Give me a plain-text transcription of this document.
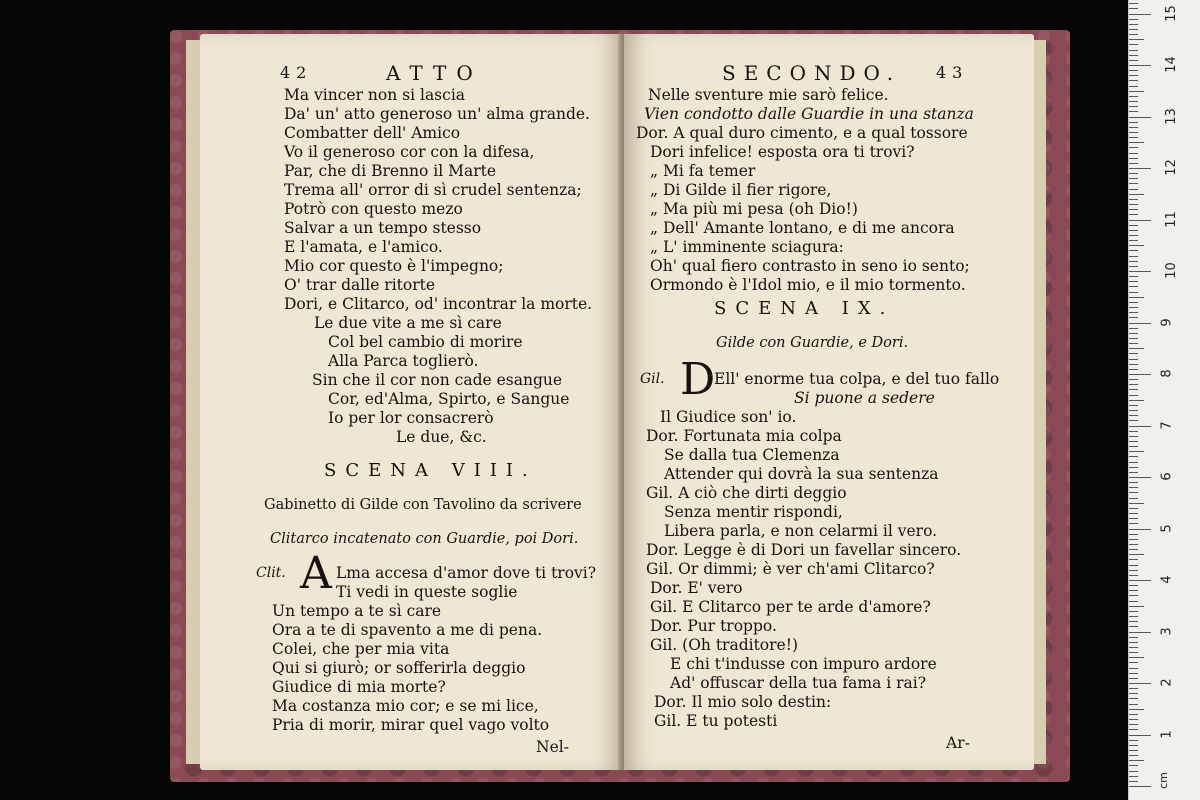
42	ATTO
Ma vincer non si lascia
Da' un' atto generoso un' alma grande.
Combatter dell' Amico
Vo il generoso cor con la difesa,
Par, che di Brenno il Marte
Trema all' orror di sì crudel sentenza;
Potrò con questo mezo
Salvar a un tempo stesso
E l'amata, e l'amico.
Mio cor questo è l'impegno;
O' trar dalle ritorte
Dori, e Clitarco, od' incontrar la morte.
Le due vite a me sì care
Col bel cambio di morire
Alla Parca toglierò.
Sin che il cor non cade esangue
Cor, ed'Alma, Spirto, e Sangue
Io per lor consacrerò
Le due, &c.
SCENA VIII.
Gabinetto di Gilde con Tavolino da scrivere
Clitarco incatenato con Guardie, poi Dori.
Clit. A Lma accesa d'amor dove ti trovi?
Ti vedi in queste soglie
Un tempo a te sì care
Ora a te di spavento a me di pena.
Colei, che per mia vita
Qui si giurò; or sofferirla deggio
Giudice di mia morte?
Ma costanza mio cor; e se mi lice,
Pria di morir, mirar quel vago volto
Nel-
SECONDO. 43
Nelle sventure mie sarò felice.
Vien condotto dalle Guardie in una stanza
Dor. A qual duro cimento, e a qual tossore
Dori infelice! esposta ora ti trovi?
„ Mi fa temer
„ Di Gilde il fier rigore,
„ Ma più mi pesa (oh Dio!)
„ Dell' Amante lontano, e di me ancora
„ L' imminente sciagura:
Oh' qual fiero contrasto in seno io sento;
Ormondo è l'Idol mio, e il mio tormento.
SCENA IX.
Gilde con Guardie, e Dori.
Gil. D
Ell' enorme tua colpa, e del tuo fallo
Si puone a sedere
Il Giudice son' io.
Dor. Fortunata mia colpa
Se dalla tua Clemenza
Attender qui dovrà la sua sentenza
Gil. A ciò che dirti deggio
Senza mentir rispondi,
Libera parla, e non celarmi il vero.
Dor. Legge è di Dori un favellar sincero.
Gil. Or dimmi; è ver ch'ami Clitarco?
Dor. E' vero
Gil. E Clitarco per te arde d'amore?
Dor. Pur troppo.
Gil. (Oh traditore!)
E chi t'indusse con impuro ardore
Ad' offuscar della tua fama i rai?
Dor. Il mio solo destin:
Gil. E tu potesti
Ar-
cm
1
2
3
4
5
6
7
8
9
10
11
12
13
14
15
